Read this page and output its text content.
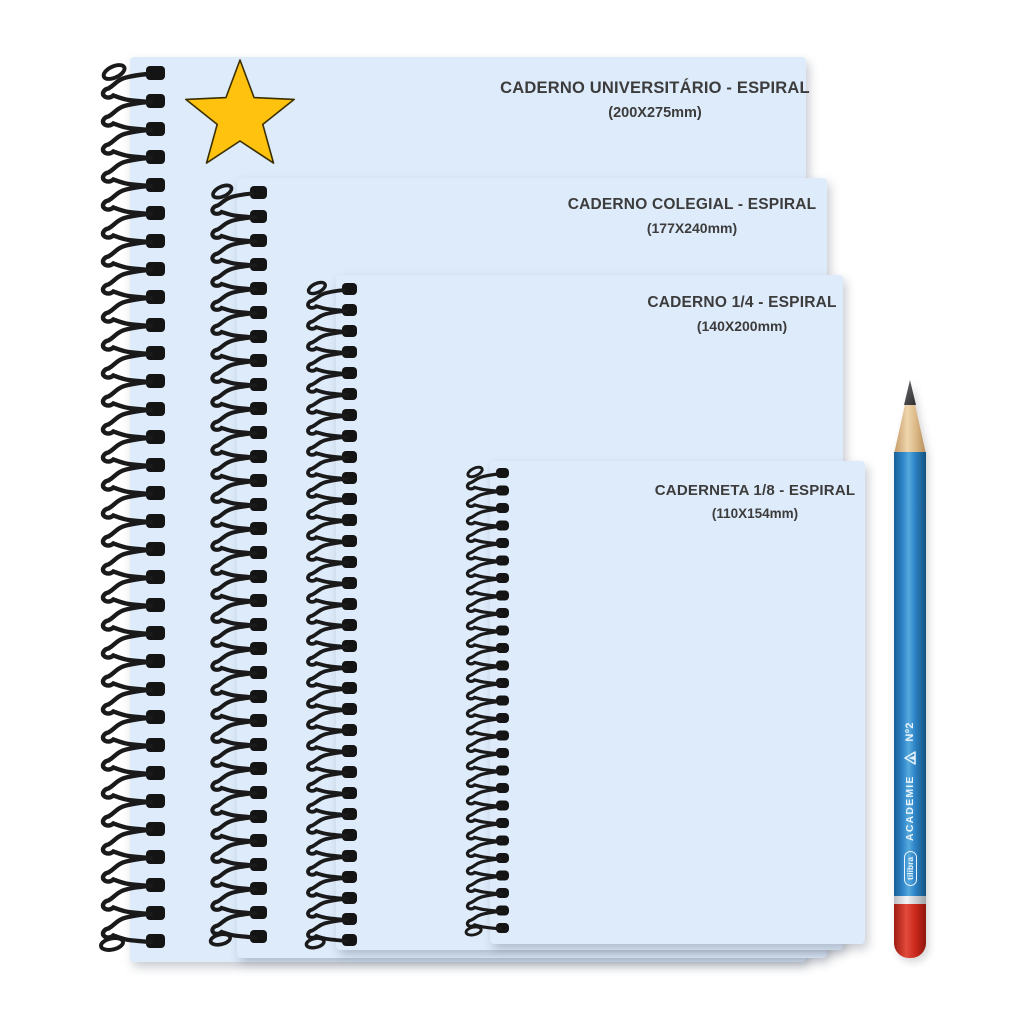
CADERNO UNIVERSITÁRIO - ESPIRAL
(200X275mm)
CADERNO COLEGIAL - ESPIRAL
(177X240mm)
CADERNO 1/4 - ESPIRAL
(140X200mm)
CADERNETA 1/8 - ESPIRAL
(110X154mm)
tilibra
ACADEMIE
Nº2
